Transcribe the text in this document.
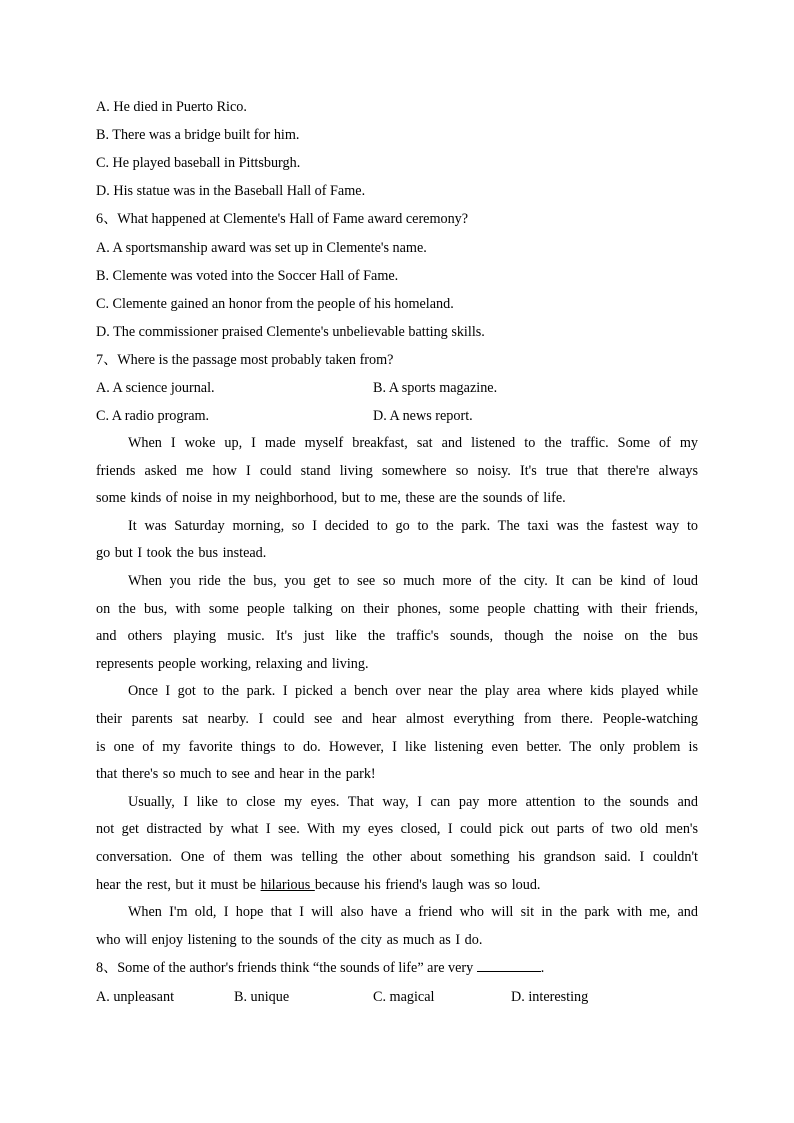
A. He died in Puerto Rico.
B. There was a bridge built for him.
C. He played baseball in Pittsburgh.
D. His statue was in the Baseball Hall of Fame.
6、What happened at Clemente's Hall of Fame award ceremony?
A. A sportsmanship award was set up in Clemente's name.
B. Clemente was voted into the Soccer Hall of Fame.
C. Clemente gained an honor from the people of his homeland.
D. The commissioner praised Clemente's unbelievable batting skills.
7、Where is the passage most probably taken from?
A. A science journal.	B. A sports magazine.
C. A radio program.	D. A news report.
When I woke up, I made myself breakfast, sat and listened to the traffic. Some of my
friends asked me how I could stand living somewhere so noisy. It's true that there're always
some kinds of noise in my neighborhood, but to me, these are the sounds of life.
It was Saturday morning, so I decided to go to the park. The taxi was the fastest way to
go but I took the bus instead.
When you ride the bus, you get to see so much more of the city. It can be kind of loud
on the bus, with some people talking on their phones, some people chatting with their friends,
and others playing music. It's just like the traffic's sounds, though the noise on the bus
represents people working, relaxing and living.
Once I got to the park. I picked a bench over near the play area where kids played while
their parents sat nearby. I could see and hear almost everything from there. People-watching
is one of my favorite things to do. However, I like listening even better. The only problem is
that there's so much to see and hear in the park!
Usually, I like to close my eyes. That way, I can pay more attention to the sounds and
not get distracted by what I see. With my eyes closed, I could pick out parts of two old men's
conversation. One of them was telling the other about something his grandson said. I couldn't
hear the rest, but it must be hilarious because his friend's laugh was so loud.
When I'm old, I hope that I will also have a friend who will sit in the park with me, and
who will enjoy listening to the sounds of the city as much as I do.
8、Some of the author's friends think “the sounds of life” are very	.
A. unpleasant	B. unique	C. magical	D. interesting
